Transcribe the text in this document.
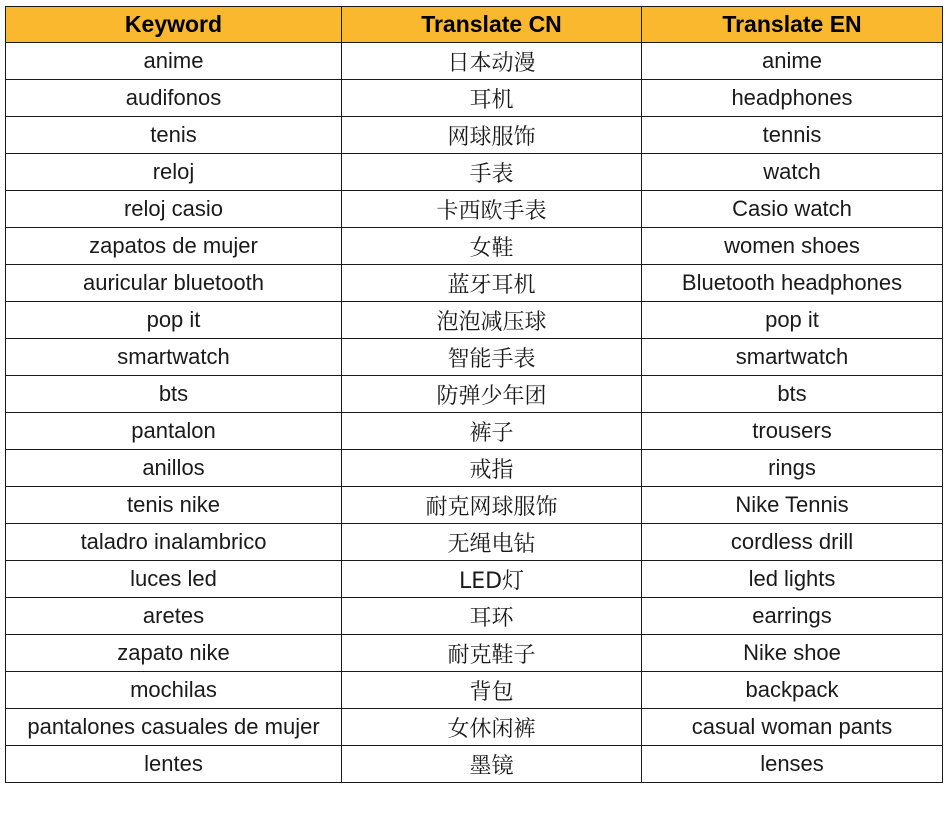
Keyword	Translate CN	Translate EN
anime	日本动漫	anime
audifonos	耳机	headphones
tenis	网球服饰	tennis
reloj	手表	watch
reloj casio	卡西欧手表	Casio watch
zapatos de mujer	女鞋	women shoes
auricular bluetooth	蓝牙耳机	Bluetooth headphones
pop it	泡泡减压球	pop it
smartwatch	智能手表	smartwatch
bts	防弹少年团	bts
pantalon	裤子	trousers
anillos	戒指	rings
tenis nike	耐克网球服饰	Nike Tennis
taladro inalambrico	无绳电钻	cordless drill
luces led	LED灯	led lights
aretes	耳环	earrings
zapato nike	耐克鞋子	Nike shoe
mochilas	背包	backpack
pantalones casuales de mujer	女休闲裤	casual woman pants
lentes	墨镜	lenses
